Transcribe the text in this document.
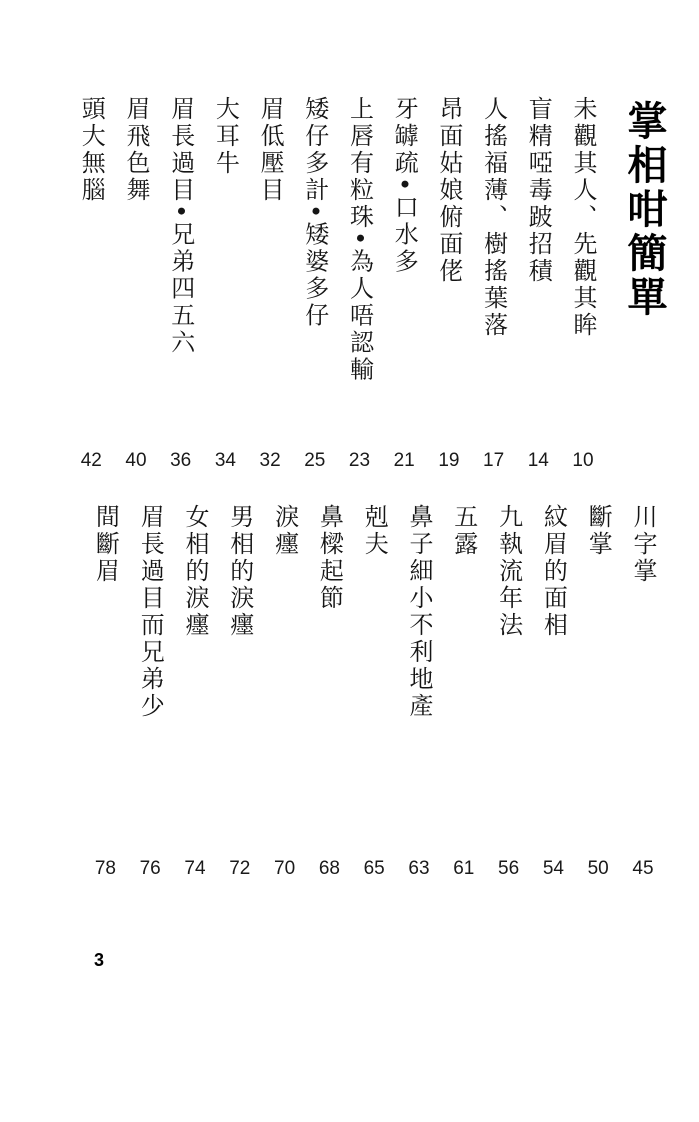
掌相咁簡單
未觀其人、先觀其眸
10
盲精啞毒跛招積
14
人搖福薄、樹搖葉落
17
昂面姑娘俯面佬
19
牙罅疏•口水多
21
上唇有粒珠•為人唔認輸
23
矮仔多計•矮婆多仔
25
眉低壓目
32
大耳牛
34
眉長過目•兄弟四五六
36
眉飛色舞
40
頭大無腦
42
川字掌
45
斷掌
50
紋眉的面相
54
九執流年法
56
五露
61
鼻子細小不利地產
63
剋夫
65
鼻樑起節
68
淚癦
70
男相的淚癦
72
女相的淚癦
74
眉長過目而兄弟少
76
間斷眉
78
3
